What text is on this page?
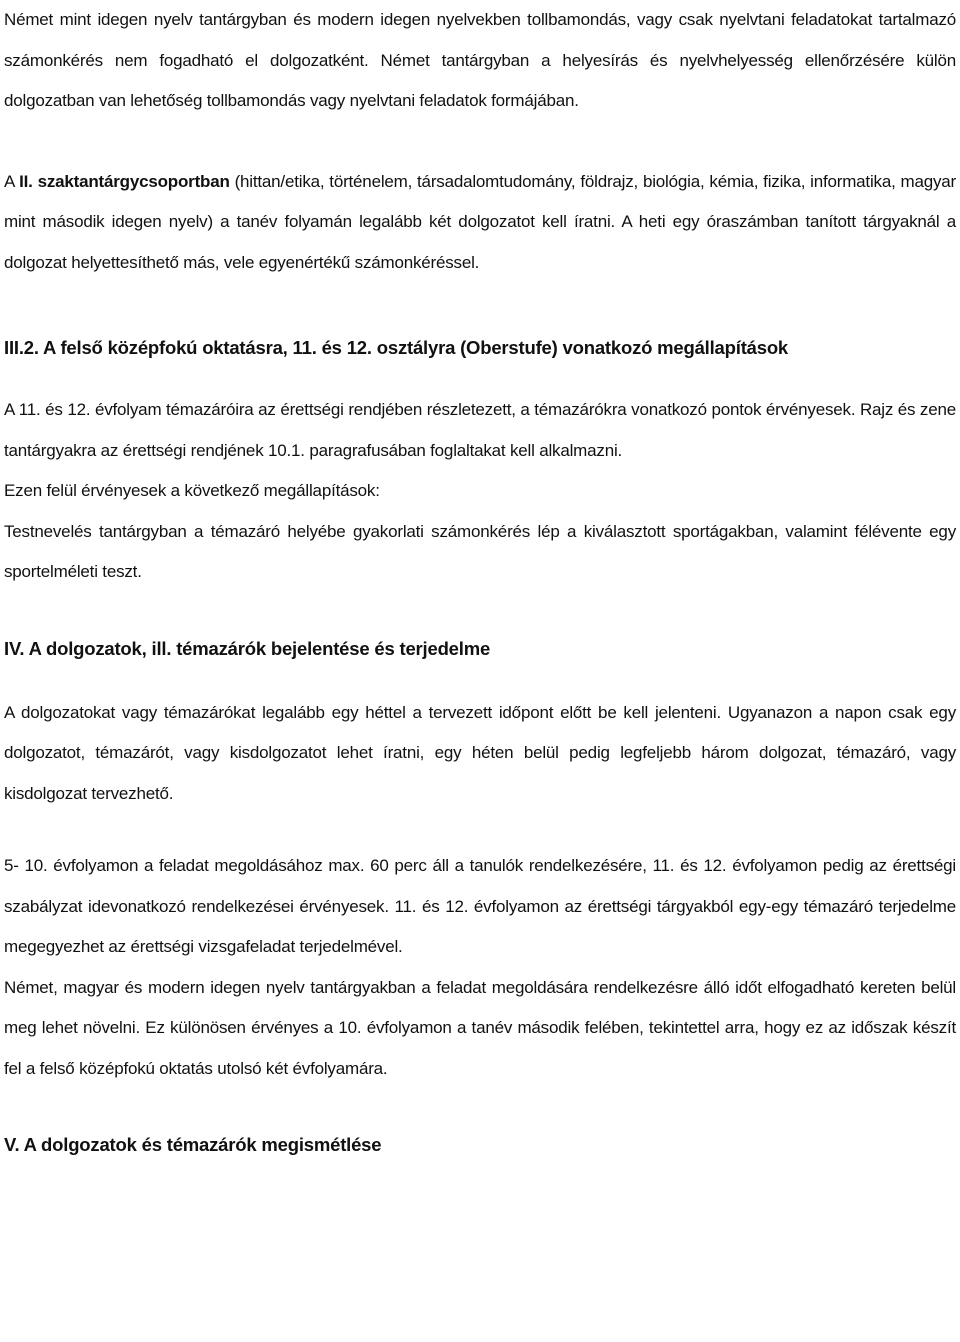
Német mint idegen nyelv tantárgyban és modern idegen nyelvekben tollbamondás, vagy csak nyelvtani feladatokat tartalmazó számonkérés nem fogadható el dolgozatként. Német tantárgyban a helyesírás és nyelvhelyesség ellenőrzésére külön dolgozatban van lehetőség tollbamondás vagy nyelvtani feladatok formájában.

A II. szaktantárgycsoportban (hittan/etika, történelem, társadalomtudomány, földrajz, biológia, kémia, fizika, informatika, magyar mint második idegen nyelv) a tanév folyamán legalább két dolgozatot kell íratni. A heti egy óraszámban tanított tárgyaknál a dolgozat helyettesíthető más, vele egyenértékű számonkéréssel.

III.2. A felső középfokú oktatásra, 11. és 12. osztályra (Oberstufe) vonatkozó megállapítások

A 11. és 12. évfolyam témazáróira az érettségi rendjében részletezett, a témazárókra vonatkozó pontok érvényesek. Rajz és zene tantárgyakra az érettségi rendjének 10.1. paragrafusában foglaltakat kell alkalmazni.

Ezen felül érvényesek a következő megállapítások:

Testnevelés tantárgyban a témazáró helyébe gyakorlati számonkérés lép a kiválasztott sportágakban, valamint félévente egy sportelméleti teszt.

IV. A dolgozatok, ill. témazárók bejelentése és terjedelme

A dolgozatokat vagy témazárókat legalább egy héttel a tervezett időpont előtt be kell jelenteni. Ugyanazon a napon csak egy dolgozatot, témazárót, vagy kisdolgozatot lehet íratni, egy héten belül pedig legfeljebb három dolgozat, témazáró, vagy kisdolgozat tervezhető.

5- 10. évfolyamon a feladat megoldásához max. 60 perc áll a tanulók rendelkezésére, 11. és 12. évfolyamon pedig az érettségi szabályzat idevonatkozó rendelkezései érvényesek. 11. és 12. évfolyamon az érettségi tárgyakból egy-egy témazáró terjedelme megegyezhet az érettségi vizsgafeladat terjedelmével.

Német, magyar és modern idegen nyelv tantárgyakban a feladat megoldására rendelkezésre álló időt elfogadható kereten belül meg lehet növelni. Ez különösen érvényes a 10. évfolyamon a tanév második felében, tekintettel arra, hogy ez az időszak készít fel a felső középfokú oktatás utolsó két évfolyamára.

V. A dolgozatok és témazárók megismétlése
